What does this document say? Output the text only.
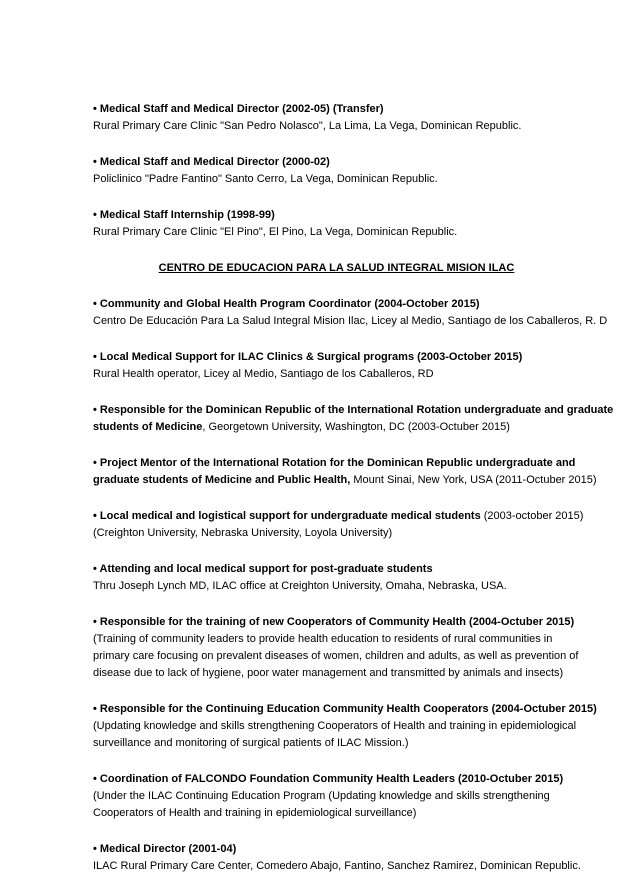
• Medical Staff and Medical Director (2002-05) (Transfer)
Rural Primary Care Clinic "San Pedro Nolasco", La Lima, La Vega, Dominican Republic.
• Medical Staff and Medical Director (2000-02)
Policlinico "Padre Fantino" Santo Cerro, La Vega, Dominican Republic.
• Medical Staff Internship (1998-99)
Rural Primary Care Clinic "El Pino", El Pino, La Vega, Dominican Republic.
CENTRO DE EDUCACION PARA LA SALUD INTEGRAL MISION ILAC
• Community and Global Health Program Coordinator (2004-October 2015)
Centro De Educación Para La Salud Integral Mision Ilac, Licey al Medio, Santiago de los Caballeros, R. D
• Local Medical Support for ILAC Clinics & Surgical programs (2003-October 2015)
Rural Health operator, Licey al Medio, Santiago de los Caballeros, RD
• Responsible for the Dominican Republic of the International Rotation undergraduate and graduate
students of Medicine, Georgetown University, Washington, DC (2003-Octuber 2015)
• Project Mentor of the International Rotation for the Dominican Republic undergraduate and
graduate students of Medicine and Public Health, Mount Sinai, New York, USA (2011-Octuber 2015)
• Local medical and logistical support for undergraduate medical students (2003-october 2015)
(Creighton University, Nebraska University, Loyola University)
• Attending and local medical support for post-graduate students
Thru Joseph Lynch MD, ILAC office at Creighton University, Omaha, Nebraska, USA.
• Responsible for the training of new Cooperators of Community Health (2004-Octuber 2015)
(Training of community leaders to provide health education to residents of rural communities in
primary care focusing on prevalent diseases of women, children and adults, as well as prevention of
disease due to lack of hygiene, poor water management and transmitted by animals and insects)
• Responsible for the Continuing Education Community Health Cooperators (2004-Octuber 2015)
(Updating knowledge and skills strengthening Cooperators of Health and training in epidemiological
surveillance and monitoring of surgical patients of ILAC Mission.)
• Coordination of FALCONDO Foundation Community Health Leaders (2010-Octuber 2015)
(Under the ILAC Continuing Education Program (Updating knowledge and skills strengthening
Cooperators of Health and training in epidemiological surveillance)
• Medical Director (2001-04)
ILAC Rural Primary Care Center, Comedero Abajo, Fantino, Sanchez Ramirez, Dominican Republic.
